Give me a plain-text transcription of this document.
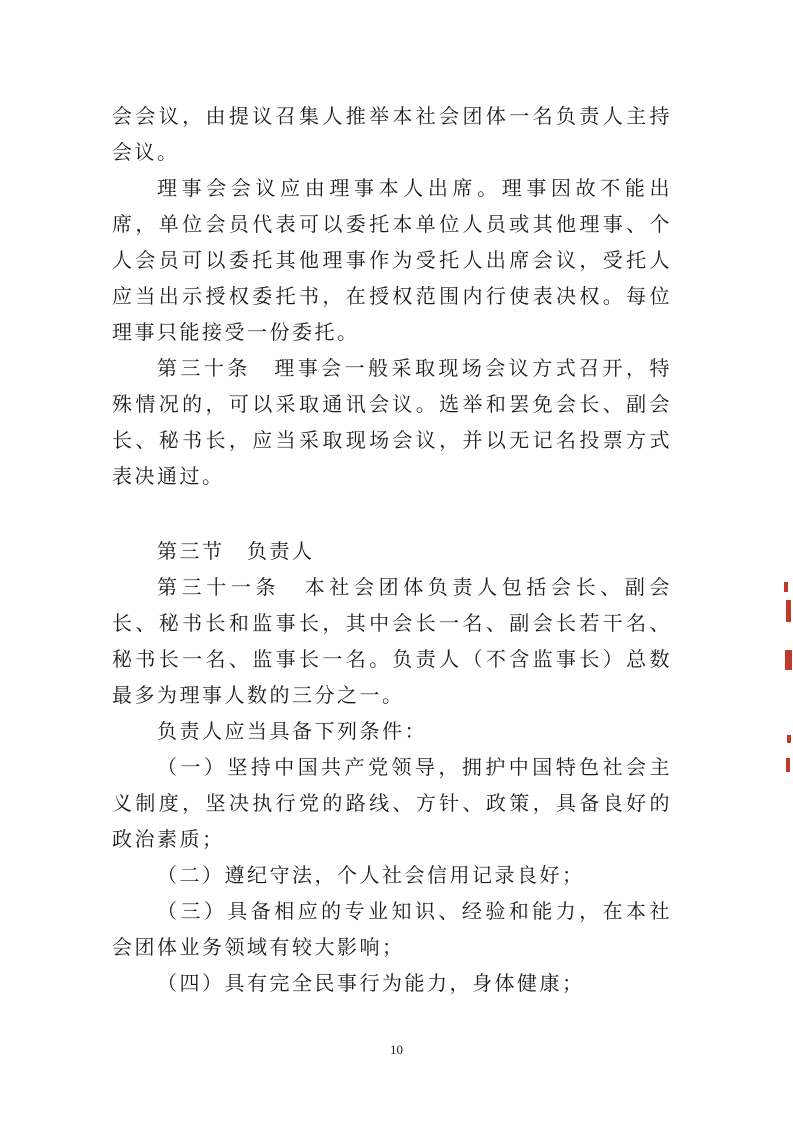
会会议，由提议召集人推举本社会团体一名负责人主持会议。

理事会会议应由理事本人出席。理事因故不能出席，单位会员代表可以委托本单位人员或其他理事、个人会员可以委托其他理事作为受托人出席会议，受托人应当出示授权委托书，在授权范围内行使表决权。每位理事只能接受一份委托。

第三十条　理事会一般采取现场会议方式召开，特殊情况的，可以采取通讯会议。选举和罢免会长、副会长、秘书长，应当采取现场会议，并以无记名投票方式表决通过。

第三节　负责人

第三十一条　本社会团体负责人包括会长、副会长、秘书长和监事长，其中会长一名、副会长若干名、秘书长一名、监事长一名。负责人（不含监事长）总数最多为理事人数的三分之一。

负责人应当具备下列条件：

（一）坚持中国共产党领导，拥护中国特色社会主义制度，坚决执行党的路线、方针、政策，具备良好的政治素质；

（二）遵纪守法，个人社会信用记录良好；

（三）具备相应的专业知识、经验和能力，在本社会团体业务领域有较大影响；

（四）具有完全民事行为能力，身体健康；

10
